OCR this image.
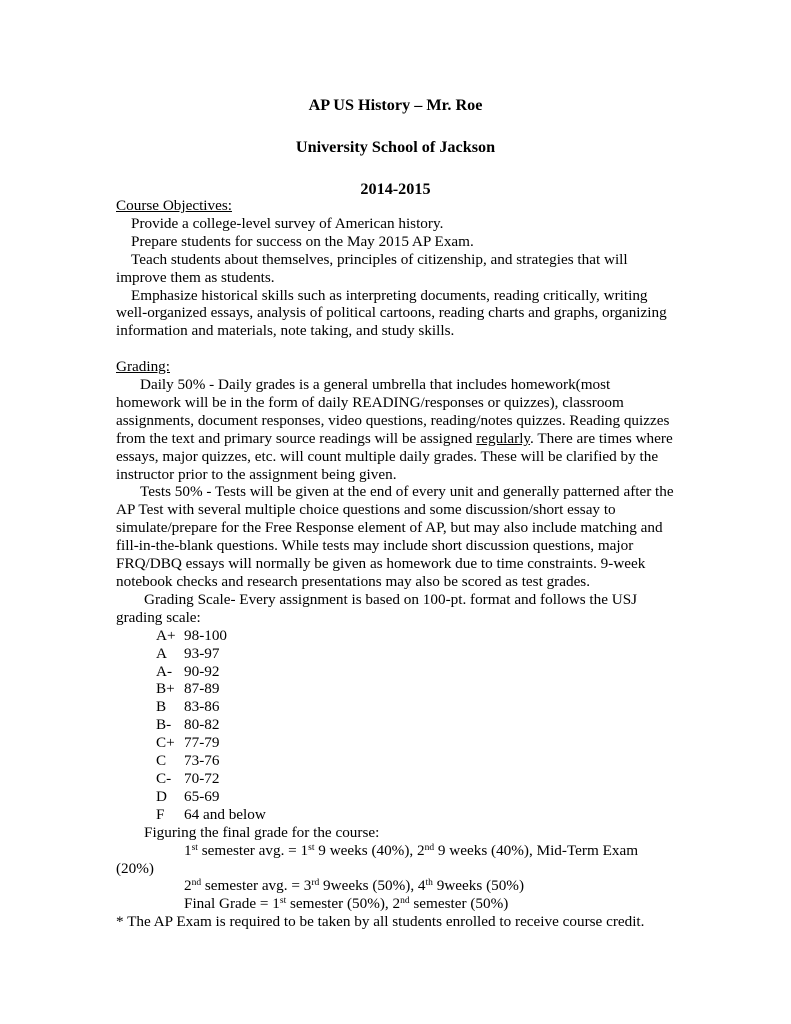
AP US History – Mr. Roe
University School of Jackson
2014-2015

Course Objectives:

Provide a college-level survey of American history.

Prepare students for success on the May 2015 AP Exam.

Teach students about themselves, principles of citizenship, and strategies that will improve them as students.

Emphasize historical skills such as interpreting documents, reading critically, writing well-organized essays, analysis of political cartoons, reading charts and graphs, organizing information and materials, note taking, and study skills.

Grading:

Daily 50% - Daily grades is a general umbrella that includes homework(most homework will be in the form of daily READING/responses or quizzes), classroom assignments, document responses, video questions, reading/notes quizzes. Reading quizzes from the text and primary source readings will be assigned regularly. There are times where essays, major quizzes, etc. will count multiple daily grades. These will be clarified by the instructor prior to the assignment being given.

Tests 50% - Tests will be given at the end of every unit and generally patterned after the AP Test with several multiple choice questions and some discussion/short essay to simulate/prepare for the Free Response element of AP, but may also include matching and fill-in-the-blank questions. While tests may include short discussion questions, major FRQ/DBQ essays will normally be given as homework due to time constraints. 9-week notebook checks and research presentations may also be scored as test grades.

Grading Scale- Every assignment is based on 100-pt. format and follows the USJ grading scale:

A+ 98-100
A	93-97
A- 90-92
B+ 87-89
B	83-86
B- 80-82
C+ 77-79
C	73-76
C- 70-72
D	65-69
F	64 and below

Figuring the final grade for the course:

1st semester avg. = 1st 9 weeks (40%), 2nd 9 weeks (40%), Mid-Term Exam
(20%)

2nd semester avg. = 3rd 9weeks (50%), 4th 9weeks (50%)

Final Grade = 1st semester (50%), 2nd semester (50%)

* The AP Exam is required to be taken by all students enrolled to receive course credit.
